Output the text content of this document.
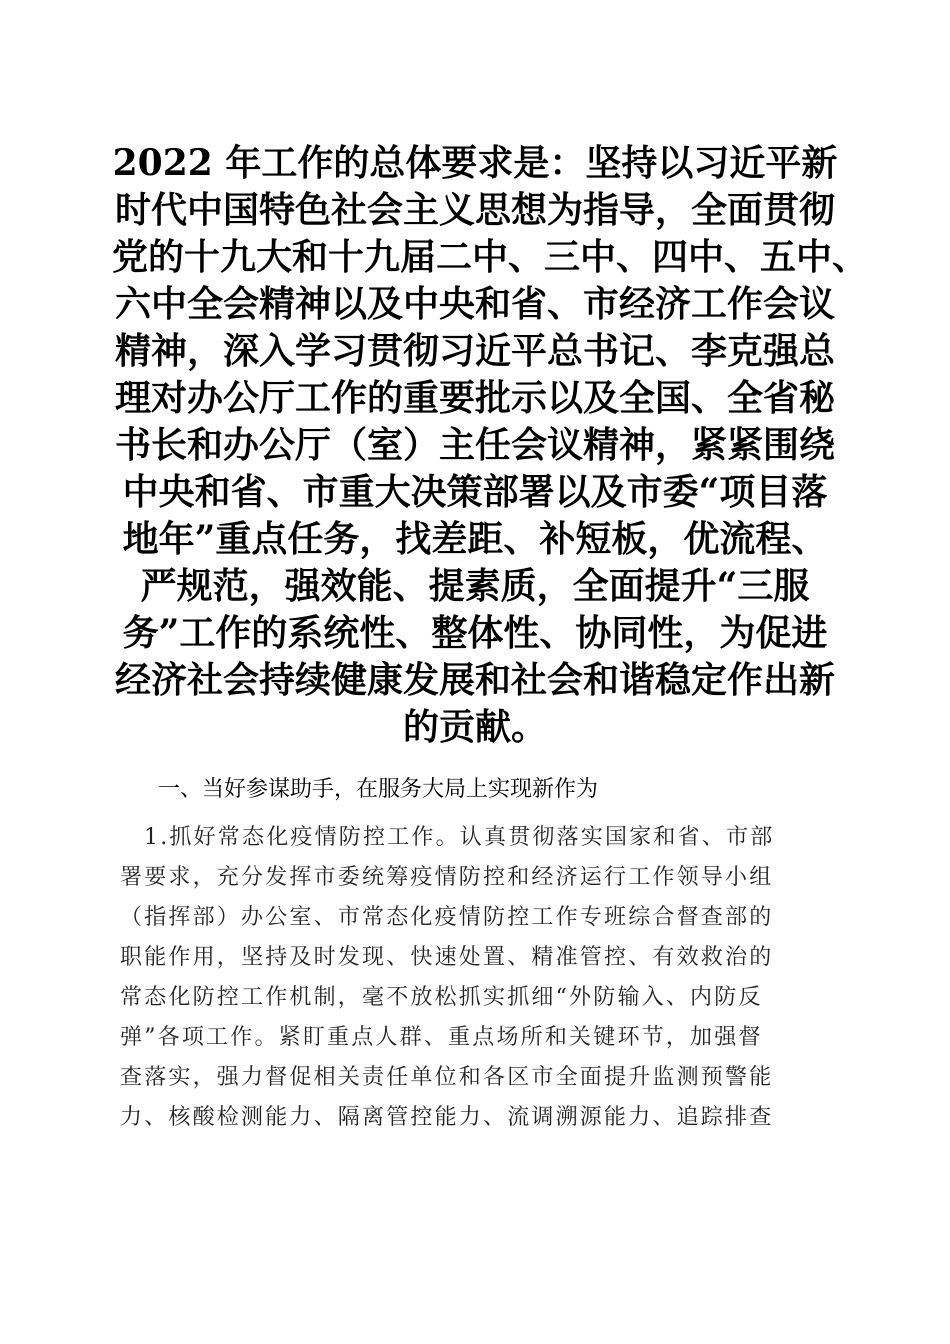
2022 年工作的总体要求是：坚持以习近平新
时代中国特色社会主义思想为指导，全面贯彻
党的十九大和十九届二中、三中、四中、五中、
六中全会精神以及中央和省、市经济工作会议
精神，深入学习贯彻习近平总书记、李克强总
理对办公厅工作的重要批示以及全国、全省秘
书长和办公厅（室）主任会议精神，紧紧围绕
中央和省、市重大决策部署以及市委“项目落
地年”重点任务，找差距、补短板，优流程、
严规范，强效能、提素质，全面提升“三服
务”工作的系统性、整体性、协同性，为促进
经济社会持续健康发展和社会和谐稳定作出新
的贡献。
一、当好参谋助手，在服务大局上实现新作为
1.抓好常态化疫情防控工作。认真贯彻落实国家和省、市部
署要求，充分发挥市委统筹疫情防控和经济运行工作领导小组
（指挥部）办公室、市常态化疫情防控工作专班综合督查部的
职能作用，坚持及时发现、快速处置、精准管控、有效救治的
常态化防控工作机制，毫不放松抓实抓细“外防输入、内防反
弹”各项工作。紧盯重点人群、重点场所和关键环节，加强督
查落实，强力督促相关责任单位和各区市全面提升监测预警能
力、核酸检测能力、隔离管控能力、流调溯源能力、追踪排查
